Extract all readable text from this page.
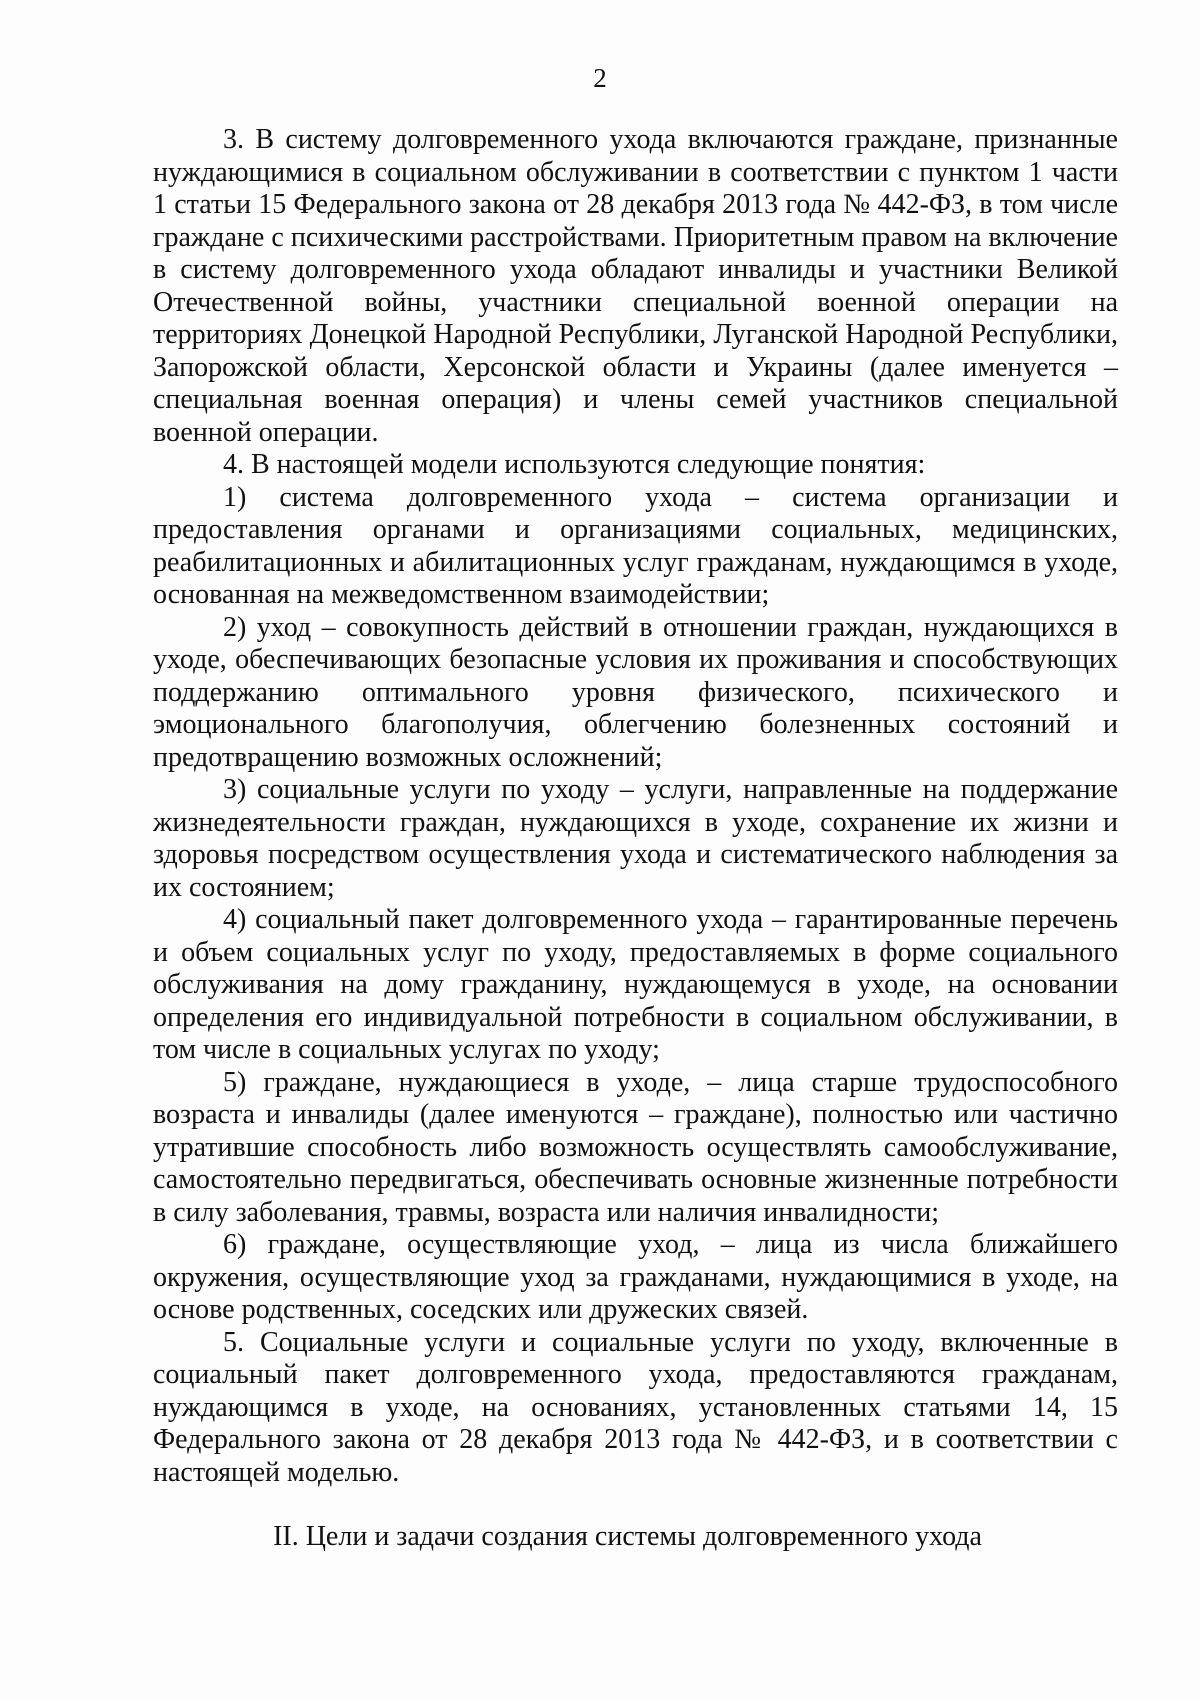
2

3. В систему долговременного ухода включаются граждане, признанные нуждающимися в социальном обслуживании в соответствии с пунктом 1 части 1 статьи 15 Федерального закона от 28 декабря 2013 года № 442-ФЗ, в том числе граждане с психическими расстройствами. Приоритетным правом на включение в систему долговременного ухода обладают инвалиды и участники Великой Отечественной войны, участники специальной военной операции на территориях Донецкой Народной Республики, Луганской Народной Республики, Запорожской области, Херсонской области и Украины (далее именуется – специальная военная операция) и члены семей участников специальной военной операции.

4. В настоящей модели используются следующие понятия:

1) система долговременного ухода – система организации и предоставления органами и организациями социальных, медицинских, реабилитационных и абилитационных услуг гражданам, нуждающимся в уходе, основанная на межведомственном взаимодействии;

2) уход – совокупность действий в отношении граждан, нуждающихся в уходе, обеспечивающих безопасные условия их проживания и способствующих поддержанию оптимального уровня физического, психического и эмоционального благополучия, облегчению болезненных состояний и предотвращению возможных осложнений;

3) социальные услуги по уходу – услуги, направленные на поддержание жизнедеятельности граждан, нуждающихся в уходе, сохранение их жизни и здоровья посредством осуществления ухода и систематического наблюдения за их состоянием;

4) социальный пакет долговременного ухода – гарантированные перечень и объем социальных услуг по уходу, предоставляемых в форме социального обслуживания на дому гражданину, нуждающемуся в уходе, на основании определения его индивидуальной потребности в социальном обслуживании, в том числе в социальных услугах по уходу;

5) граждане, нуждающиеся в уходе, – лица старше трудоспособного возраста и инвалиды (далее именуются – граждане), полностью или частично утратившие способность либо возможность осуществлять самообслуживание, самостоятельно передвигаться, обеспечивать основные жизненные потребности в силу заболевания, травмы, возраста или наличия инвалидности;

6) граждане, осуществляющие уход, – лица из числа ближайшего окружения, осуществляющие уход за гражданами, нуждающимися в уходе, на основе родственных, соседских или дружеских связей.

5. Социальные услуги и социальные услуги по уходу, включенные в социальный пакет долговременного ухода, предоставляются гражданам, нуждающимся в уходе, на основаниях, установленных статьями 14, 15 Федерального закона от 28 декабря 2013 года № 442-ФЗ, и в соответствии с настоящей моделью.

II. Цели и задачи создания системы долговременного ухода
